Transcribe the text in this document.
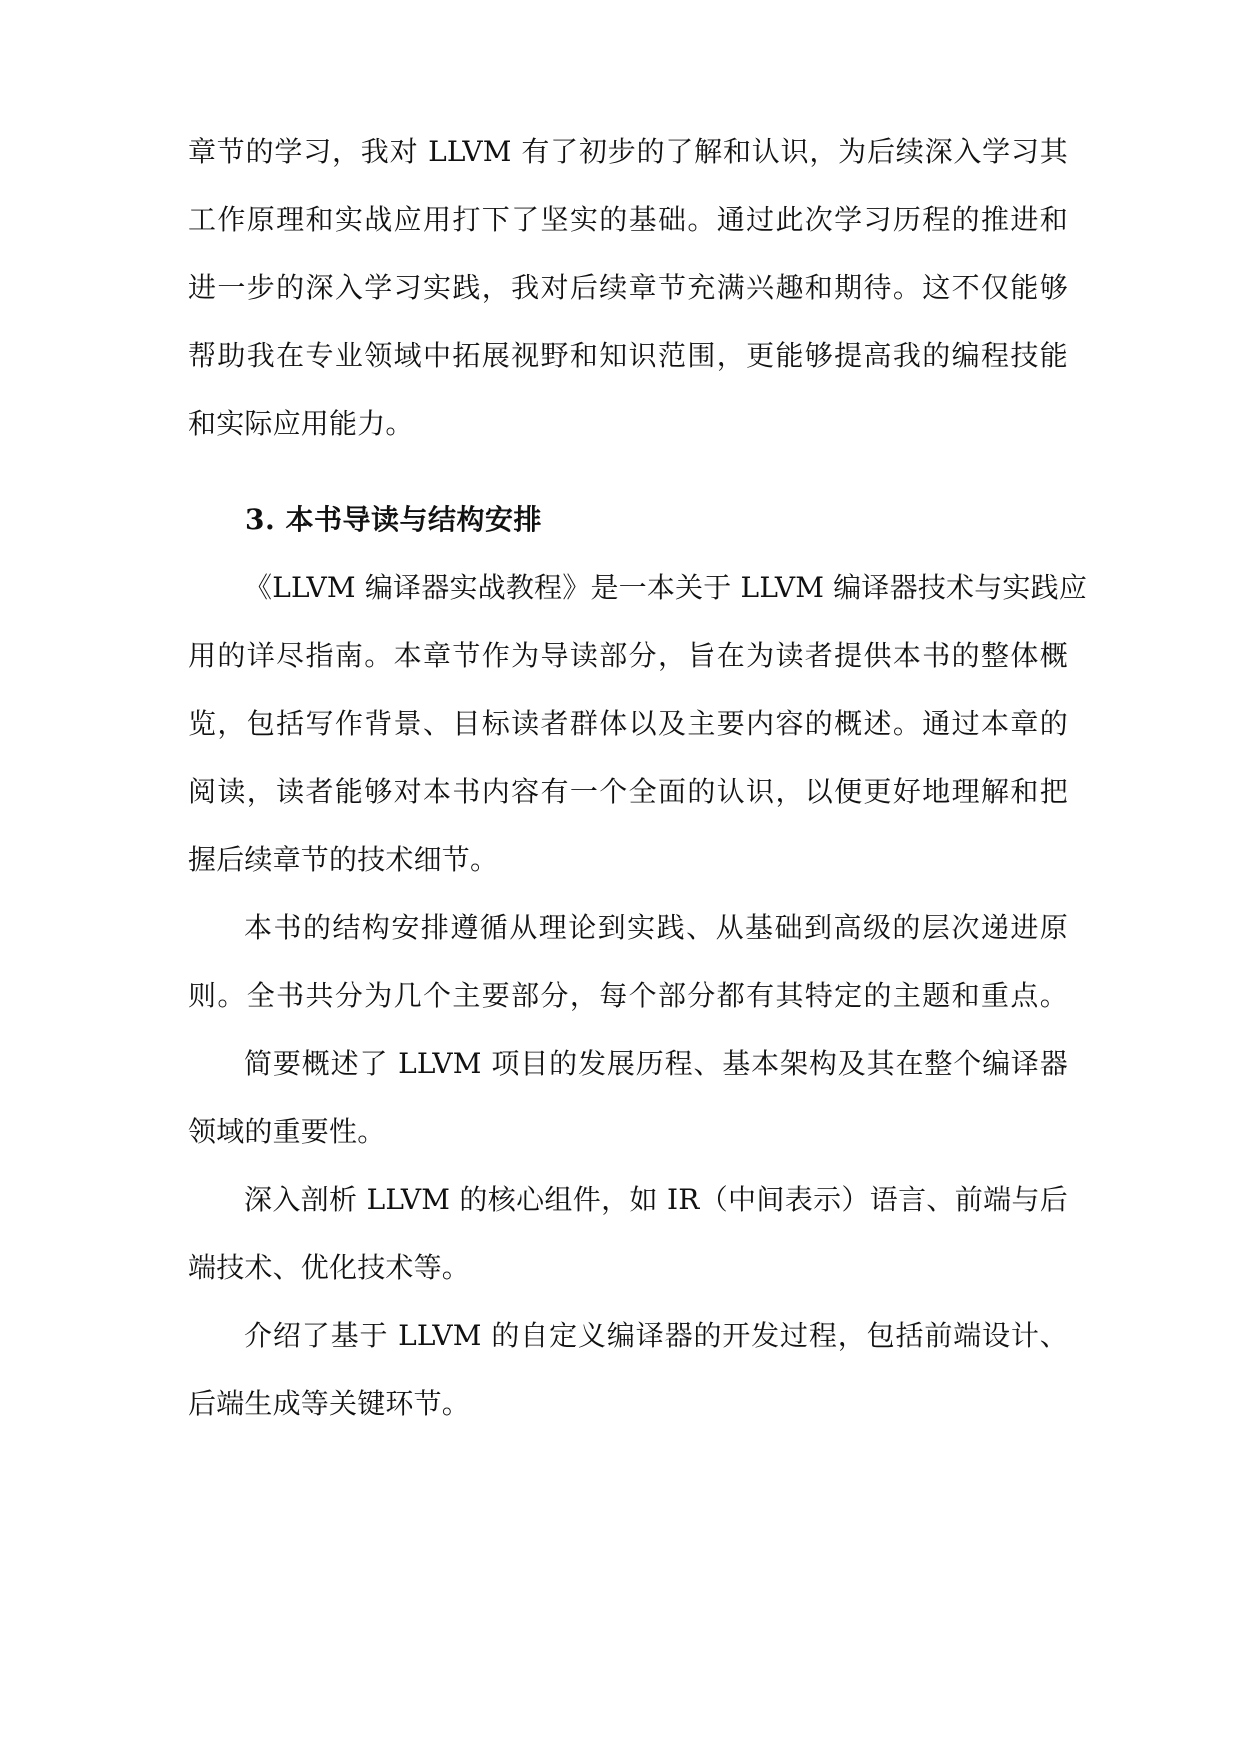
章节的学习，我对 LLVM 有了初步的了解和认识，为后续深入学习其
工作原理和实战应用打下了坚实的基础。通过此次学习历程的推进和
进一步的深入学习实践，我对后续章节充满兴趣和期待。这不仅能够
帮助我在专业领域中拓展视野和知识范围，更能够提高我的编程技能
和实际应用能力。
3. 本书导读与结构安排
《LLVM 编译器实战教程》是一本关于 LLVM 编译器技术与实践应
用的详尽指南。本章节作为导读部分，旨在为读者提供本书的整体概
览，包括写作背景、目标读者群体以及主要内容的概述。通过本章的
阅读，读者能够对本书内容有一个全面的认识，以便更好地理解和把
握后续章节的技术细节。
本书的结构安排遵循从理论到实践、从基础到高级的层次递进原
则。全书共分为几个主要部分，每个部分都有其特定的主题和重点。
简要概述了 LLVM 项目的发展历程、基本架构及其在整个编译器
领域的重要性。
深入剖析 LLVM 的核心组件，如 IR（中间表示）语言、前端与后
端技术、优化技术等。
介绍了基于 LLVM 的自定义编译器的开发过程，包括前端设计、
后端生成等关键环节。
